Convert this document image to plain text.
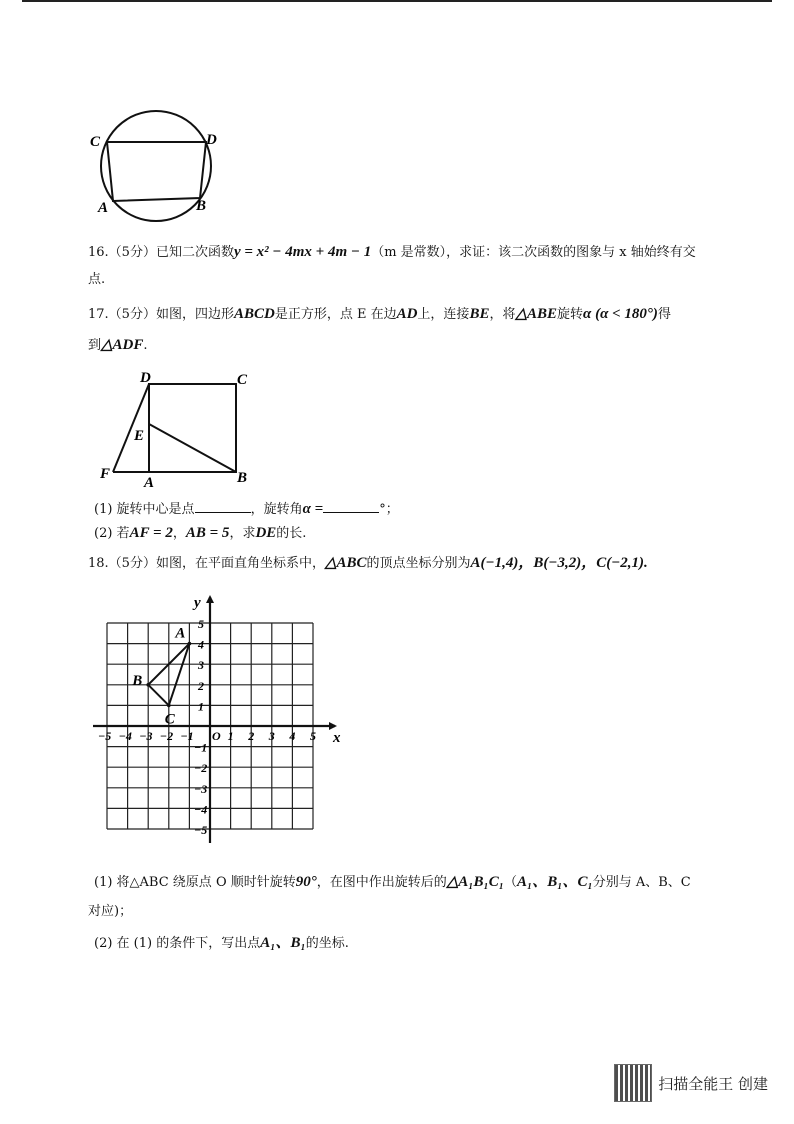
C	D
A	B
16.（5分）已知二次函数y = x² − 4mx + 4m − 1（m 是常数），求证：该二次函数的图象与 x 轴始终有交
点.
17.（5分）如图，四边形ABCD是正方形，点 E 在边AD上，连接BE，将△ABE旋转α (α < 180°)得
到△ADF.
D	C
E
F
A	B
(1) 旋转中心是点	，旋转角α =	°；
(2) 若AF = 2，AB = 5，求DE的长.
18.（5分）如图，在平面直角坐标系中，△ABC的顶点坐标分别为A(−1,4)，B(−3,2)，C(−2,1).
x
y
O
−5 −4 −3 −2 −1	1 2 3 4 5
−5
−4
−3
−2
−1
1
2
3
4
5
A
B
C
(1) 将△ABC 绕原点 O 顺时针旋转90°，在图中作出旋转后的△A₁B₁C₁（A₁、B₁、C₁分别与 A、B、C
对应)；
(2) 在 (1) 的条件下，写出点A₁、B₁的坐标.
扫描全能王 创建
